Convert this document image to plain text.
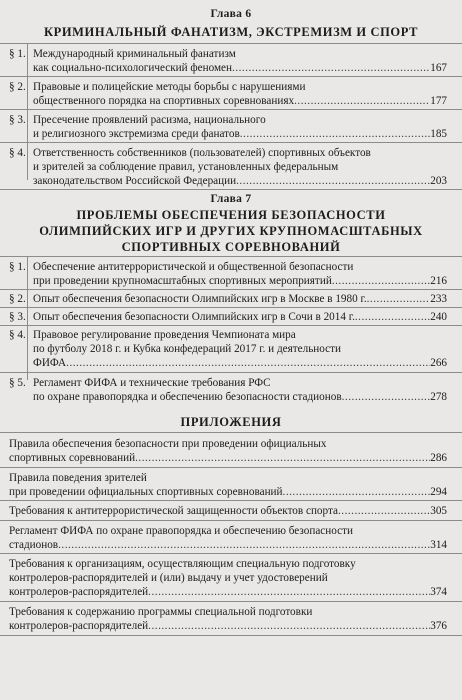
Глава 6
КРИМИНАЛЬНЫЙ ФАНАТИЗМ, ЭКСТРЕМИЗМ И СПОРТ
§ 1. Международный криминальный фанатизм
как социально-психологический феномен .....	167
§ 2. Правовые и полицейские методы борьбы с нарушениями
общественного порядка на спортивных соревнованиях .....	177
§ 3. Пресечение проявлений расизма, национального
и религиозного экстремизма среди фанатов .....	185
§ 4. Ответственность собственников (пользователей) спортивных объектов
и зрителей за соблюдение правил, установленных федеральным
законодательством Российской Федерации .....	203
Глава 7
ПРОБЛЕМЫ ОБЕСПЕЧЕНИЯ БЕЗОПАСНОСТИ
ОЛИМПИЙСКИХ ИГР И ДРУГИХ КРУПНОМАСШТАБНЫХ
СПОРТИВНЫХ СОРЕВНОВАНИЙ
§ 1. Обеспечение антитеррористической и общественной безопасности
при проведении крупномасштабных спортивных мероприятий .....	216
§ 2. Опыт обеспечения безопасности Олимпийских игр в Москве в 1980 г. .....	233
§ 3. Опыт обеспечения безопасности Олимпийских игр в Сочи в 2014 г. .....	240
§ 4. Правовое регулирование проведения Чемпионата мира
по футболу 2018 г. и Кубка конфедераций 2017 г. и деятельности
ФИФА .....	266
§ 5. Регламент ФИФА и технические требования РФС
по охране правопорядка и обеспечению безопасности стадионов .....	278
ПРИЛОЖЕНИЯ
Правила обеспечения безопасности при проведении официальных
спортивных соревнований .....	286
Правила поведения зрителей
при проведении официальных спортивных соревнований .....	294
Требования к антитеррористической защищенности объектов спорта .....	305
Регламент ФИФА по охране правопорядка и обеспечению безопасности
стадионов .....	314
Требования к организациям, осуществляющим специальную подготовку
контролеров-распорядителей и (или) выдачу и учет удостоверений
контролеров-распорядителей .....	374
Требования к содержанию программы специальной подготовки
контролеров-распорядителей .....	376
